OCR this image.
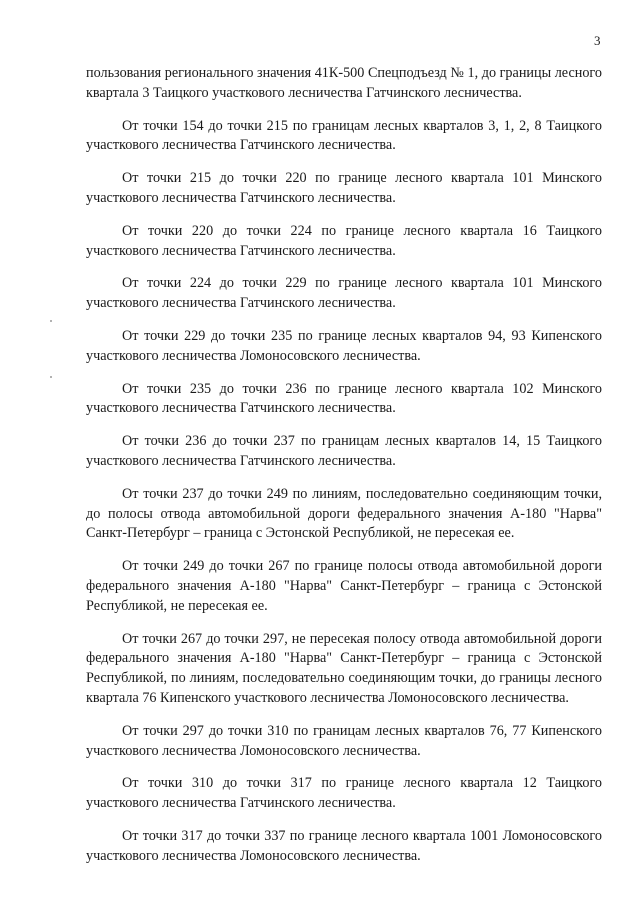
3

пользования регионального значения 41К-500 Спецподъезд № 1, до границы лесного квартала 3 Таицкого участкового лесничества Гатчинского лесничества.

От точки 154 до точки 215 по границам лесных кварталов 3, 1, 2, 8 Таицкого участкового лесничества Гатчинского лесничества.

От точки 215 до точки 220 по границе лесного квартала 101 Минского участкового лесничества Гатчинского лесничества.

От точки 220 до точки 224 по границе лесного квартала 16 Таицкого участкового лесничества Гатчинского лесничества.

От точки 224 до точки 229 по границе лесного квартала 101 Минского участкового лесничества Гатчинского лесничества.

От точки 229 до точки 235 по границе лесных кварталов 94, 93 Кипенского участкового лесничества Ломоносовского лесничества.

От точки 235 до точки 236 по границе лесного квартала 102 Минского участкового лесничества Гатчинского лесничества.

От точки 236 до точки 237 по границам лесных кварталов 14, 15 Таицкого участкового лесничества Гатчинского лесничества.

От точки 237 до точки 249 по линиям, последовательно соединяющим точки, до полосы отвода автомобильной дороги федерального значения А-180 "Нарва" Санкт-Петербург – граница с Эстонской Республикой, не пересекая ее.

От точки 249 до точки 267 по границе полосы отвода автомобильной дороги федерального значения А-180 "Нарва" Санкт-Петербург – граница с Эстонской Республикой, не пересекая ее.

От точки 267 до точки 297, не пересекая полосу отвода автомобильной дороги федерального значения А-180 "Нарва" Санкт-Петербург – граница с Эстонской Республикой, по линиям, последовательно соединяющим точки, до границы лесного квартала 76 Кипенского участкового лесничества Ломоносовского лесничества.

От точки 297 до точки 310 по границам лесных кварталов 76, 77 Кипенского участкового лесничества Ломоносовского лесничества.

От точки 310 до точки 317 по границе лесного квартала 12 Таицкого участкового лесничества Гатчинского лесничества.

От точки 317 до точки 337 по границе лесного квартала 1001 Ломоносовского участкового лесничества Ломоносовского лесничества.
